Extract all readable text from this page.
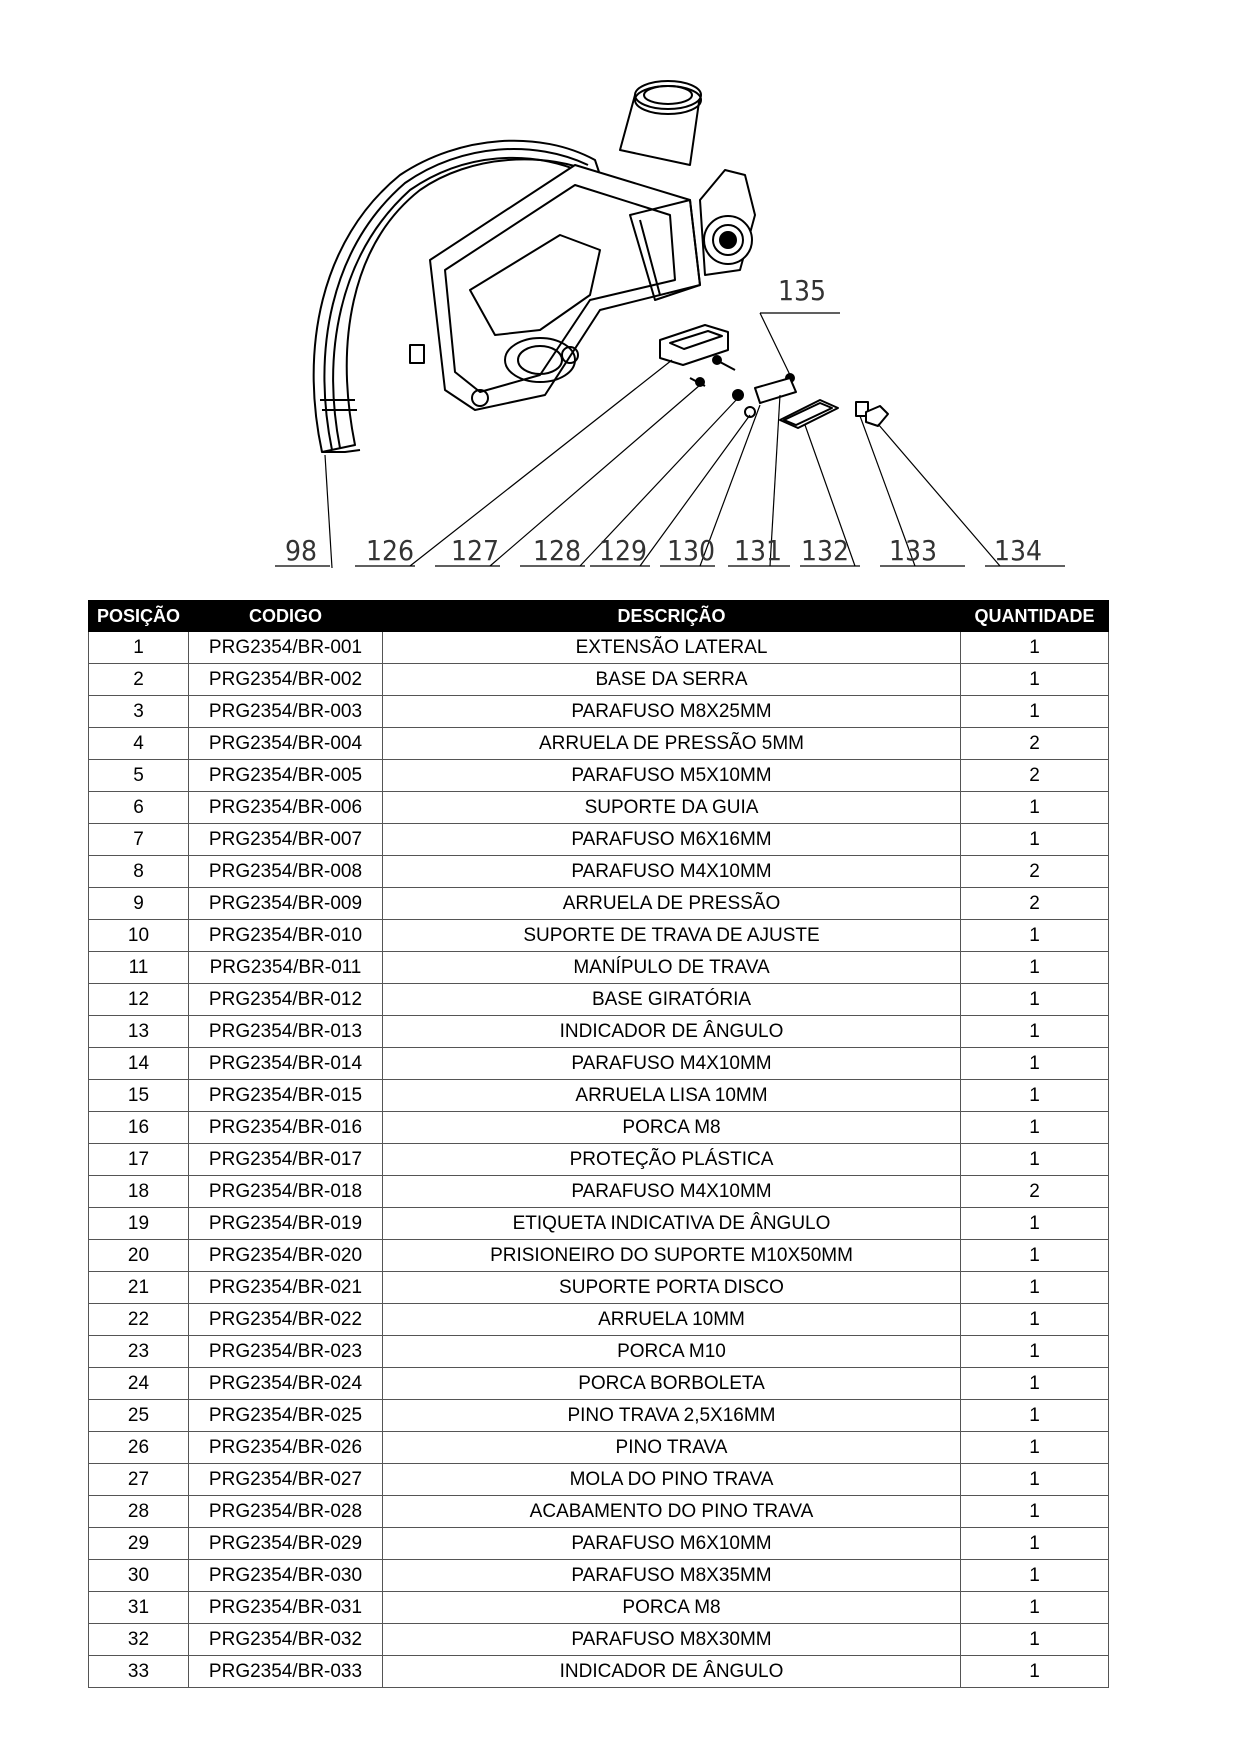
135
98 126 127 128 129 130 131 132 133 134
POSIÇÃO	CODIGO	DESCRIÇÃO	QUANTIDADE
1	PRG2354/BR-001	EXTENSÃO LATERAL	1
2	PRG2354/BR-002	BASE DA SERRA	1
3	PRG2354/BR-003	PARAFUSO M8X25MM	1
4	PRG2354/BR-004	ARRUELA DE PRESSÃO 5MM	2
5	PRG2354/BR-005	PARAFUSO M5X10MM	2
6	PRG2354/BR-006	SUPORTE DA GUIA	1
7	PRG2354/BR-007	PARAFUSO M6X16MM	1
8	PRG2354/BR-008	PARAFUSO M4X10MM	2
9	PRG2354/BR-009	ARRUELA DE PRESSÃO	2
10	PRG2354/BR-010	SUPORTE DE TRAVA DE AJUSTE	1
11	PRG2354/BR-011	MANÍPULO DE TRAVA	1
12	PRG2354/BR-012	BASE GIRATÓRIA	1
13	PRG2354/BR-013	INDICADOR DE ÂNGULO	1
14	PRG2354/BR-014	PARAFUSO M4X10MM	1
15	PRG2354/BR-015	ARRUELA LISA 10MM	1
16	PRG2354/BR-016	PORCA M8	1
17	PRG2354/BR-017	PROTEÇÃO PLÁSTICA	1
18	PRG2354/BR-018	PARAFUSO M4X10MM	2
19	PRG2354/BR-019	ETIQUETA INDICATIVA DE ÂNGULO	1
20	PRG2354/BR-020	PRISIONEIRO DO SUPORTE M10X50MM	1
21	PRG2354/BR-021	SUPORTE PORTA DISCO	1
22	PRG2354/BR-022	ARRUELA 10MM	1
23	PRG2354/BR-023	PORCA M10	1
24	PRG2354/BR-024	PORCA BORBOLETA	1
25	PRG2354/BR-025	PINO TRAVA 2,5X16MM	1
26	PRG2354/BR-026	PINO TRAVA	1
27	PRG2354/BR-027	MOLA DO PINO TRAVA	1
28	PRG2354/BR-028	ACABAMENTO DO PINO TRAVA	1
29	PRG2354/BR-029	PARAFUSO M6X10MM	1
30	PRG2354/BR-030	PARAFUSO M8X35MM	1
31	PRG2354/BR-031	PORCA M8	1
32	PRG2354/BR-032	PARAFUSO M8X30MM	1
33	PRG2354/BR-033	INDICADOR DE ÂNGULO	1
